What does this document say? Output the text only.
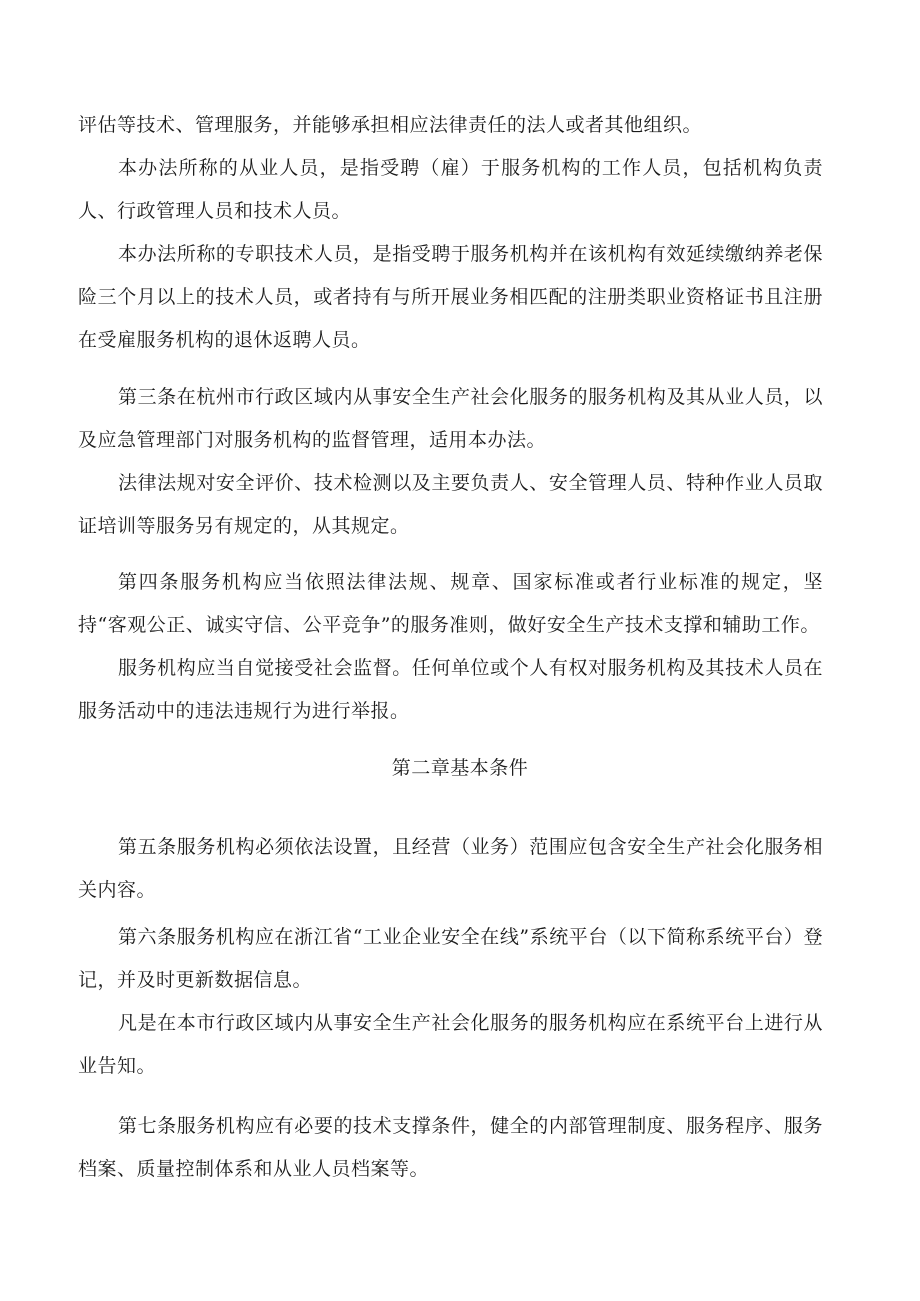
评估等技术、管理服务，并能够承担相应法律责任的法人或者其他组织。

本办法所称的从业人员，是指受聘（雇）于服务机构的工作人员，包括机构负责人、行政管理人员和技术人员。

本办法所称的专职技术人员，是指受聘于服务机构并在该机构有效延续缴纳养老保险三个月以上的技术人员，或者持有与所开展业务相匹配的注册类职业资格证书且注册在受雇服务机构的退休返聘人员。

第三条在杭州市行政区域内从事安全生产社会化服务的服务机构及其从业人员，以及应急管理部门对服务机构的监督管理，适用本办法。

法律法规对安全评价、技术检测以及主要负责人、安全管理人员、特种作业人员取证培训等服务另有规定的，从其规定。

第四条服务机构应当依照法律法规、规章、国家标准或者行业标准的规定，坚持“客观公正、诚实守信、公平竞争”的服务准则，做好安全生产技术支撑和辅助工作。

服务机构应当自觉接受社会监督。任何单位或个人有权对服务机构及其技术人员在服务活动中的违法违规行为进行举报。

第二章基本条件

第五条服务机构必须依法设置，且经营（业务）范围应包含安全生产社会化服务相关内容。

第六条服务机构应在浙江省“工业企业安全在线”系统平台（以下简称系统平台）登记，并及时更新数据信息。

凡是在本市行政区域内从事安全生产社会化服务的服务机构应在系统平台上进行从业告知。

第七条服务机构应有必要的技术支撑条件，健全的内部管理制度、服务程序、服务档案、质量控制体系和从业人员档案等。
